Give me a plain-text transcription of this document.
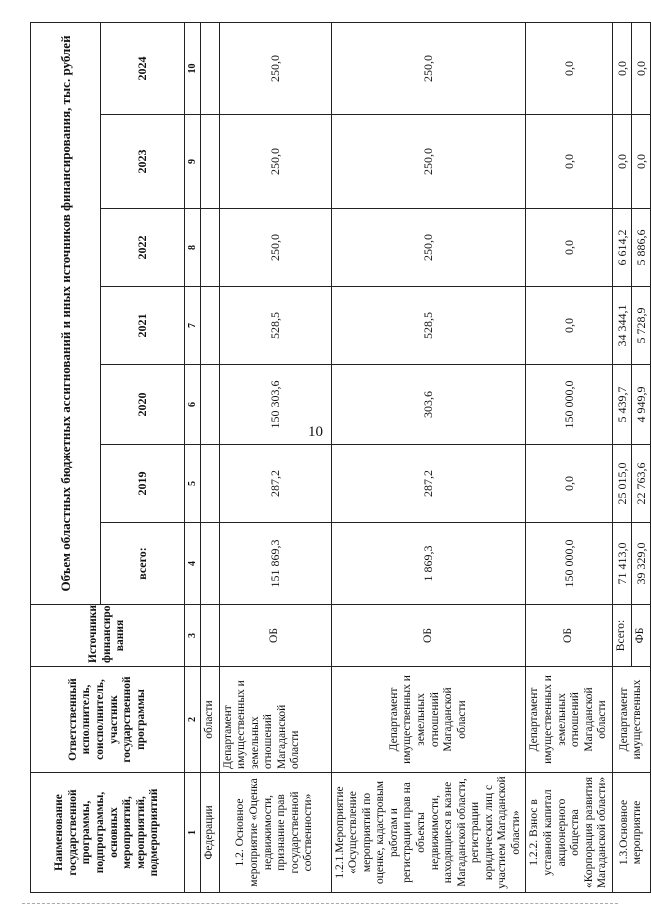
10
Наименование государственной программы, подпрограммы, основных мероприятий, мероприятий, подмероприятий	Ответственный исполнитель, соисполнитель, участник государственной программы	Источники финансиро вания	Объем областных бюджетных ассигнований и иных источников финансирования, тыс. рублей						
			всего:	2019	2020	2021	2022	2023	2024
1	2	3	4	5	6	7	8	9	10
Федерации	области								
1.2. Основное мероприятие «Оценка недвижимости, признание прав государственной собственности»	Департамент имущественных и земельных отношений Магаданской области	ОБ	151 869,3	287,2	150 303,6	528,5	250,0	250,0	250,0
1.2.1.Мероприятие «Осуществление мероприятий по оценке, кадастровым работам и регистрации прав на объекты недвижимости, находящиеся в казне Магаданской области, регистрации юридических лиц с участием Магаданской области»	Департамент имущественных и земельных отношений Магаданской области	ОБ	1 869,3	287,2	303,6	528,5	250,0	250,0	250,0
1.2.2. Взнос в уставной капитал акционерного общества «Корпорация развития Магаданской области»	Департамент имущественных и земельных отношений Магаданской области	ОБ	150 000,0	0,0	150 000,0	0,0	0,0	0,0	0,0
1.3.Основное мероприятие	Департамент имущественных	Всего:	71 413,0	25 015,0	5 439,7	34 344,1	6 614,2	0,0	0,0
		ФБ	39 329,0	22 763,6	4 949,9	5 728,9	5 886,6	0,0	0,0
